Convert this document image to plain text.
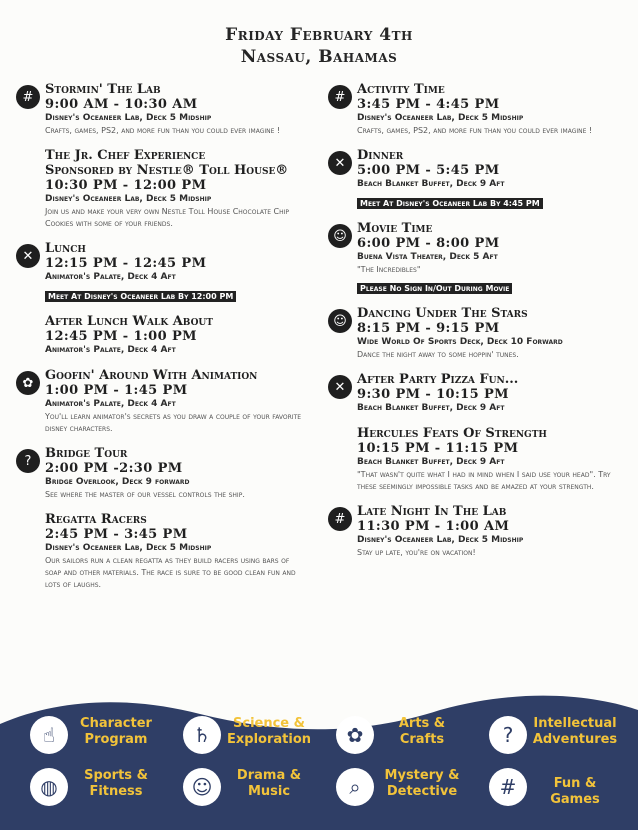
Friday February 4th
Nassau, Bahamas
# Stormin' The Lab
9:00 AM - 10:30 AM
Disney's Oceaneer Lab, Deck 5 Midship
Crafts, games, PS2, and more fun than you could ever imagine !
The Jr. Chef Experience
Sponsored by Nestle® Toll House®
10:30 PM - 12:00 PM
Disney's Oceaneer Lab, Deck 5 Midship
Join us and make your very own Nestle Toll House Chocolate Chip Cookies with some of your friends.
✕ Lunch
12:15 PM - 12:45 PM
Animator's Palate, Deck 4 Aft
Meet At Disney's Oceaneer Lab By 12:00 PM
After Lunch Walk About
12:45 PM - 1:00 PM
Animator's Palate, Deck 4 Aft
✿ Goofin' Around With Animation
1:00 PM - 1:45 PM
Animator's Palate, Deck 4 Aft
You'll learn animator's secrets as you draw a couple of your favorite disney characters.
?	Bridge Tour
2:00 PM -2:30 PM
Bridge Overlook, Deck 9 forward
See where the master of our vessel controls the ship.
Regatta Racers
2:45 PM - 3:45 PM
Disney's Oceaneer Lab, Deck 5 Midship
Our sailors run a clean regatta as they build racers using bars of soap and other materials. The race is sure to be good clean fun and lots of laughs.
# Activity Time
3:45 PM - 4:45 PM
Disney's Oceaneer Lab, Deck 5 Midship
Crafts, games, PS2, and more fun than you could ever imagine !
✕ Dinner
5:00 PM - 5:45 PM
Beach Blanket Buffet, Deck 9 Aft
Meet At Disney's Oceaneer Lab By 4:45 PM
☺ Movie Time
6:00 PM - 8:00 PM
Buena Vista Theater, Deck 5 Aft
"The Incredibles"
Please No Sign In/Out During Movie
☺ Dancing Under The Stars
8:15 PM - 9:15 PM
Wide World Of Sports Deck, Deck 10 Forward
Dance the night away to some hoppin' tunes.
✕ After Party Pizza Fun...
9:30 PM - 10:15 PM
Beach Blanket Buffet, Deck 9 Aft
Hercules Feats Of Strength
10:15 PM - 11:15 PM
Beach Blanket Buffet, Deck 9 Aft
"That wasn't quite what I had in mind when I said use your head". Try these seemingly impossible tasks and be amazed at your strength.
# Late Night In The Lab
11:30 PM - 1:00 AM
Disney's Oceaneer Lab, Deck 5 Midship
Stay up late, you're on vacation!
☝	Character
Program	♄	Science &
Exploration	✿	Arts &
Crafts	?	Intellectual
Adventures
◍	Sports &
Fitness	☺	Drama &
Music	⌕	Mystery &
Detective	#	Fun & Games
